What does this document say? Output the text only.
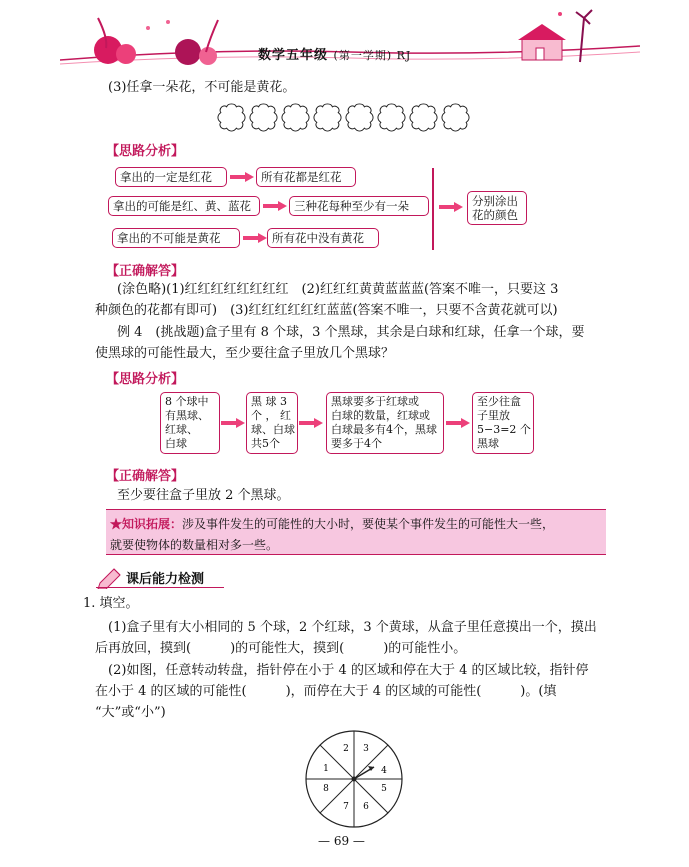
数学五年级 (第一学期) RJ
(3)任拿一朵花，不可能是黄花。
【思路分析】
拿出的一定是红花	所有花都是红花
拿出的可能是红、黄、蓝花	三种花每种至少有一朵
拿出的不可能是黄花	所有花中没有黄花
分别涂出
花的颜色
【正确解答】
(涂色略)(1)红红红红红红红红　(2)红红红黄黄蓝蓝蓝(答案不唯一，只要这 3
种颜色的花都有即可)　(3)红红红红红红蓝蓝(答案不唯一，只要不含黄花就可以)
例 4　(挑战题)盒子里有 8 个球，3 个黑球，其余是白球和红球，任拿一个球，要
使黑球的可能性最大，至少要往盒子里放几个黑球？
【思路分析】
8 个球中
有黑球、
红球、
白球
黑 球 3
个 ， 红
球、白球
共5个
黑球要多于红球或
白球的数量，红球或
白球最多有4个，黑球
要多于4个
至少往盒
子里放
5−3=2 个
黑球
【正确解答】
至少要往盒子里放 2 个黑球。
★知识拓展：涉及事件发生的可能性的大小时，要使某个事件发生的可能性大一些，
就要使物体的数量相对多一些。
课后能力检测
1. 填空。
(1)盒子里有大小相同的 5 个球，2 个红球，3 个黄球，从盒子里任意摸出一个，摸出
后再放回，摸到(　　　)的可能性大，摸到(　　　)的可能性小。
(2)如图，任意转动转盘，指针停在小于 4 的区域和停在大于 4 的区域比较，指针停
在小于 4 的区域的可能性(　　　)，而停在大于 4 的区域的可能性(　　　)。(填
“大”或“小”)
1
2 3
4
5
6
7
8
— 69 —
